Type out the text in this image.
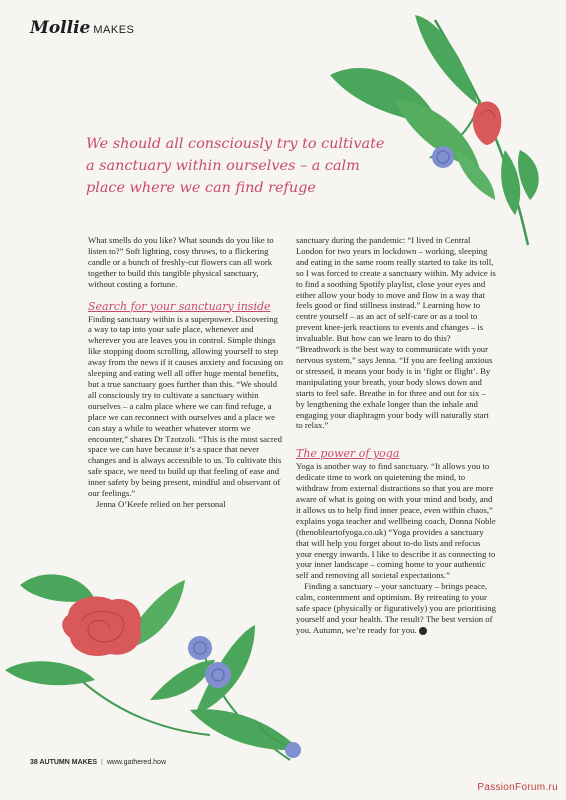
Mollie MAKES
We should all consciously try to cultivate a sanctuary within ourselves – a calm place where we can find refuge

What smells do you like? What sounds do you like to listen to?” Soft lighting, cosy throws, to a flickering candle or a bunch of freshly-cut flowers can all work together to build this tangible physical sanctuary, without costing a fortune.

Search for your sanctuary inside

Finding sanctuary within is a superpower. Discovering a way to tap into your safe place, whenever and wherever you are leaves you in control. Simple things like stopping doom scrolling, allowing yourself to step away from the news if it causes anxiety and focusing on sleeping and eating well all offer huge mental benefits, but a true sanctuary goes further than this. “We should all consciously try to cultivate a sanctuary within ourselves – a calm place where we can find refuge, a place we can reconnect with ourselves and a place we can stay a while to weather whatever storm we encounter,” shares Dr Tzotzoli. “This is the most sacred space we can have because it’s a space that never changes and is always accessible to us. To cultivate this safe space, we need to build up that feeling of ease and inner safety by being present, mindful and observant of our feelings.”

Jenna O’Keefe relied on her personal

sanctuary during the pandemic: “I lived in Central London for two years in lockdown – working, sleeping and eating in the same room really started to take its toll, so I was forced to create a sanctuary within. My advice is to find a soothing Spotify playlist, close your eyes and either allow your body to move and flow in a way that feels good or find stillness instead.” Learning how to centre yourself – as an act of self-care or as a tool to prevent knee-jerk reactions to events and changes – is invaluable. But how can we learn to do this? “Breathwork is the best way to communicate with your nervous system,” says Jenna. “If you are feeling anxious or stressed, it means your body is in ‘fight or flight’. By manipulating your breath, your body slows down and starts to feel safe. Breathe in for three and out for six – by lengthening the exhale longer than the inhale and engaging your diaphragm your body will naturally start to relax.”

The power of yoga

Yoga is another way to find sanctuary. “It allows you to dedicate time to work on quietening the mind, to withdraw from external distractions so that you are more aware of what is going on with your mind and body, and it allows us to help find inner peace, even within chaos,” explains yoga teacher and wellbeing coach, Donna Noble (thenobleartofyoga.co.uk) “Yoga provides a sanctuary that will help you forget about to-do lists and refocus your energy inwards. I like to describe it as connecting to your inner landscape – coming home to your authentic self and removing all societal expectations.”

Finding a sanctuary – your sanctuary – brings peace, calm, contentment and optimism. By retreating to your safe space (physically or figuratively) you are prioritising yourself and your health. The result? The best version of you. Autumn, we’re ready for you. ❯

38 AUTUMN MAKES | www.gathered.how
PassionForum.ru
